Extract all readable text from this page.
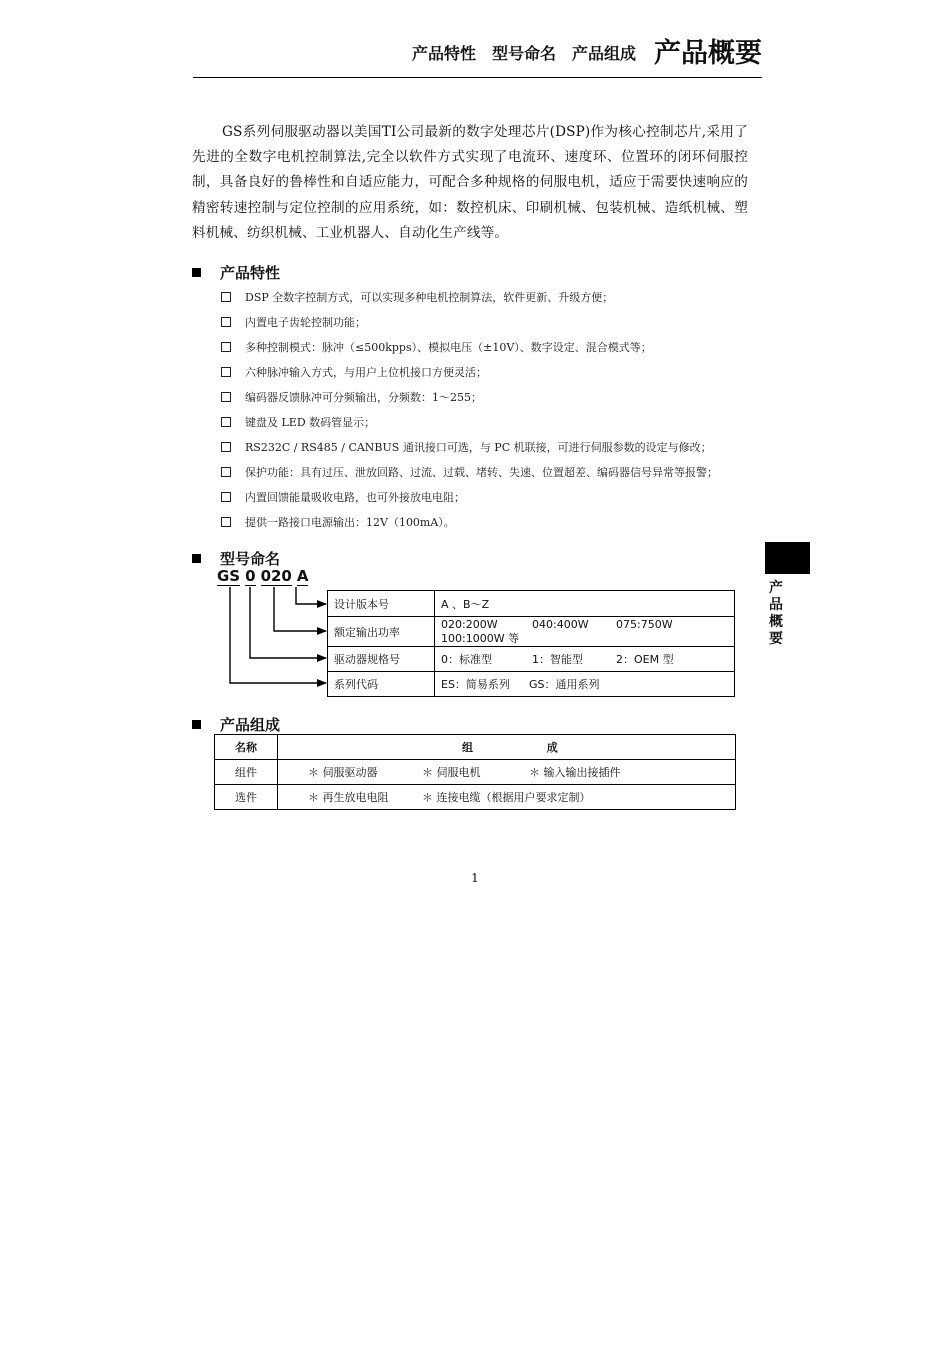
产品特性 型号命名 产品组成 产品概要

GS系列伺服驱动器以美国TI公司最新的数字处理芯片(DSP)作为核心控制芯片,采用了先进的全数字电机控制算法,完全以软件方式实现了电流环、速度环、位置环的闭环伺服控制，具备良好的鲁棒性和自适应能力，可配合多种规格的伺服电机，适应于需要快速响应的精密转速控制与定位控制的应用系统，如：数控机床、印刷机械、包装机械、造纸机械、塑料机械、纺织机械、工业机器人、自动化生产线等。

产品特性
DSP 全数字控制方式，可以实现多种电机控制算法，软件更新、升级方便；
内置电子齿轮控制功能；
多种控制模式：脉冲（≤500kpps）、模拟电压（±10V）、数字设定、混合模式等；
六种脉冲输入方式，与用户上位机接口方便灵活；
编码器反馈脉冲可分频输出，分频数：1～255；
键盘及 LED 数码管显示；
RS232C / RS485 / CANBUS 通讯接口可选，与 PC 机联接，可进行伺服参数的设定与修改；
保护功能：具有过压、泄放回路、过流、过载、堵转、失速、位置超差、编码器信号异常等报警；
内置回馈能量吸收电路，也可外接放电电阻；
提供一路接口电源输出：12V（100mA）。
型号命名
GS 0 020 A
设计版本号	A 、B～Z
额定输出功率	020:200W 040:400W 075:750W
100:1000W 等

驱动器规格号	0：标准型 1：智能型 2：OEM 型

系列代码	ES：简易系列 GS：通用系列
产品组成
名称	组 成
组件	＊ 伺服驱动器 ＊ 伺服电机 ＊ 输入输出接插件

选件	＊ 再生放电电阻 ＊ 连接电缆（根据用户要求定制）
产品概要
1
